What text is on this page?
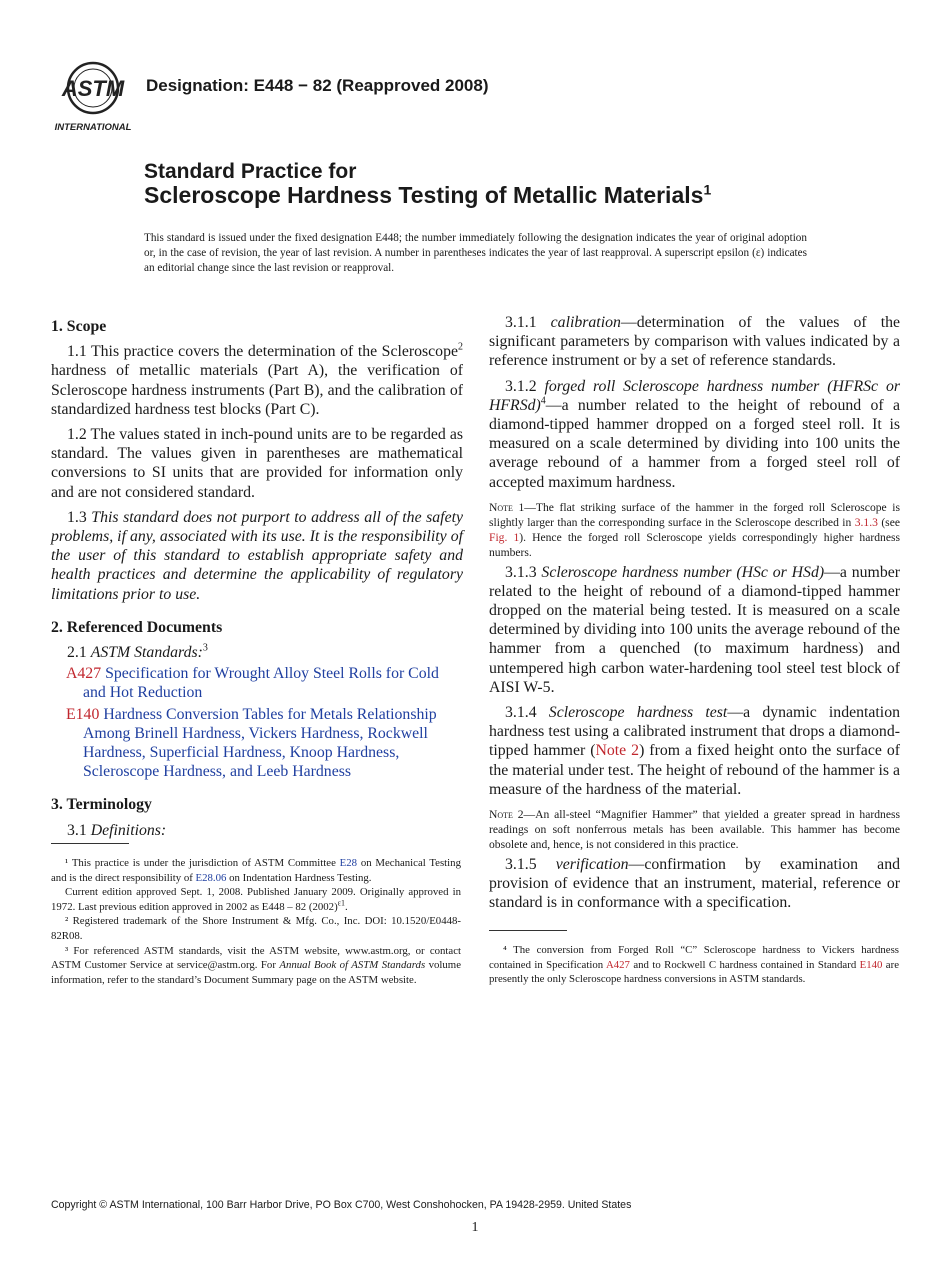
ASTM
INTERNATIONAL
Designation: E448 − 82 (Reapproved 2008)
Standard Practice for
Scleroscope Hardness Testing of Metallic Materials$^1$
This standard is issued under the fixed designation E448; the number immediately following the designation indicates the year of original adoption or, in the case of revision, the year of last revision. A number in parentheses indicates the year of last reapproval. A superscript epsilon (ε) indicates an editorial change since the last revision or reapproval.

1. Scope

1.1 This practice covers the determination of the Scleroscope$^2$ hardness of metallic materials (Part A), the verification of Scleroscope hardness instruments (Part B), and the calibration of standardized hardness test blocks (Part C).

1.2 The values stated in inch-pound units are to be regarded as standard. The values given in parentheses are mathematical conversions to SI units that are provided for information only and are not considered standard.

1.3 This standard does not purport to address all of the safety problems, if any, associated with its use. It is the responsibility of the user of this standard to establish appropriate safety and health practices and determine the applicability of regulatory limitations prior to use.

2. Referenced Documents

2.1 ASTM Standards:$^3$

A427 Specification for Wrought Alloy Steel Rolls for Cold and Hot Reduction

E140 Hardness Conversion Tables for Metals Relationship Among Brinell Hardness, Vickers Hardness, Rockwell Hardness, Superficial Hardness, Knoop Hardness, Scleroscope Hardness, and Leeb Hardness

3. Terminology

3.1 Definitions:

¹ This practice is under the jurisdiction of ASTM Committee E28 on Mechanical Testing and is the direct responsibility of E28.06 on Indentation Hardness Testing.

Current edition approved Sept. 1, 2008. Published January 2009. Originally approved in 1972. Last previous edition approved in 2002 as E448 – 82 $(2002)^{\varepsilon 1}$.

² Registered trademark of the Shore Instrument & Mfg. Co., Inc. DOI: 10.1520/E0448-82R08.

³ For referenced ASTM standards, visit the ASTM website, www.astm.org, or contact ASTM Customer Service at service@astm.org. For Annual Book of ASTM Standards volume information, refer to the standard’s Document Summary page on the ASTM website.

3.1.1 calibration—determination of the values of the significant parameters by comparison with values indicated by a reference instrument or by a set of reference standards.

3.1.2 forged roll Scleroscope hardness number (HFRSc or HFRSd)$^4$—a number related to the height of rebound of a diamond-tipped hammer dropped on a forged steel roll. It is measured on a scale determined by dividing into 100 units the average rebound of a hammer from a forged steel roll of accepted maximum hardness.

Note 1—The flat striking surface of the hammer in the forged roll Scleroscope is slightly larger than the corresponding surface in the Scleroscope described in 3.1.3 (see Fig. 1). Hence the forged roll Scleroscope yields correspondingly higher hardness numbers.

3.1.3 Scleroscope hardness number (HSc or HSd)—a number related to the height of rebound of a diamond-tipped hammer dropped on the material being tested. It is measured on a scale determined by dividing into 100 units the average rebound of the hammer from a quenched (to maximum hardness) and untempered high carbon water-hardening tool steel test block of AISI W-5.

3.1.4 Scleroscope hardness test—a dynamic indentation hardness test using a calibrated instrument that drops a diamond-tipped hammer (Note 2) from a fixed height onto the surface of the material under test. The height of rebound of the hammer is a measure of the hardness of the material.

Note 2—An all-steel “Magnifier Hammer” that yielded a greater spread in hardness readings on soft nonferrous metals has been available. This hammer has become obsolete and, hence, is not considered in this practice.

3.1.5 verification—confirmation by examination and provision of evidence that an instrument, material, reference or standard is in conformance with a specification.

⁴ The conversion from Forged Roll “C” Scleroscope hardness to Vickers hardness contained in Specification A427 and to Rockwell C hardness contained in Standard E140 are presently the only Scleroscope hardness conversions in ASTM standards.

Copyright © ASTM International, 100 Barr Harbor Drive, PO Box C700, West Conshohocken, PA 19428-2959. United States
1
